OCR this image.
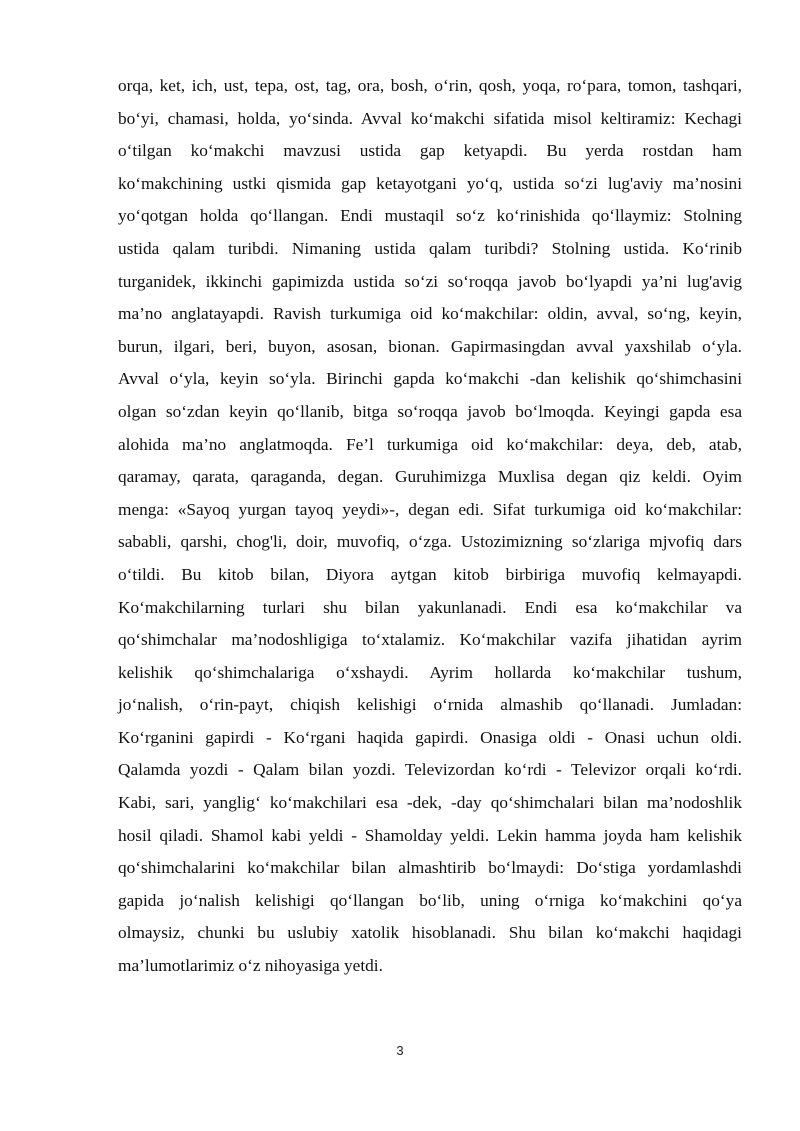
orqa, ket, ich, ust, tepa, ost, tag, ora, bosh, o‘rin, qosh, yoqa, ro‘para, tomon, tashqari,
bo‘yi, chamasi, holda, yo‘sinda. Avval ko‘makchi sifatida misol keltiramiz: Kechagi
o‘tilgan ko‘makchi mavzusi ustida gap ketyapdi. Bu yerda rostdan ham
ko‘makchining ustki qismida gap ketayotgani yo‘q, ustida so‘zi lug'aviy ma’nosini
yo‘qotgan holda qo‘llangan. Endi mustaqil so‘z ko‘rinishida qo‘llaymiz: Stolning
ustida qalam turibdi. Nimaning ustida qalam turibdi? Stolning ustida. Ko‘rinib
turganidek, ikkinchi gapimizda ustida so‘zi so‘roqqa javob bo‘lyapdi ya’ni lug'avig
ma’no anglatayapdi. Ravish turkumiga oid ko‘makchilar: oldin, avval, so‘ng, keyin,
burun, ilgari, beri, buyon, asosan, bionan. Gapirmasingdan avval yaxshilab o‘yla.
Avval o‘yla, keyin so‘yla. Birinchi gapda ko‘makchi -dan kelishik qo‘shimchasini
olgan so‘zdan keyin qo‘llanib, bitga so‘roqqa javob bo‘lmoqda. Keyingi gapda esa
alohida ma’no anglatmoqda. Fe’l turkumiga oid ko‘makchilar: deya, deb, atab,
qaramay, qarata, qaraganda, degan. Guruhimizga Muxlisa degan qiz keldi. Oyim
menga: «Sayoq yurgan tayoq yeydi»-, degan edi. Sifat turkumiga oid ko‘makchilar:
sababli, qarshi, chog'li, doir, muvofiq, o‘zga. Ustozimizning so‘zlariga mjvofiq dars
o‘tildi. Bu kitob bilan, Diyora aytgan kitob birbiriga muvofiq kelmayapdi.
Ko‘makchilarning turlari shu bilan yakunlanadi. Endi esa ko‘makchilar va
qo‘shimchalar ma’nodoshligiga to‘xtalamiz. Ko‘makchilar vazifa jihatidan ayrim
kelishik qo‘shimchalariga o‘xshaydi. Ayrim hollarda ko‘makchilar tushum,
jo‘nalish, o‘rin-payt, chiqish kelishigi o‘rnida almashib qo‘llanadi. Jumladan:
Ko‘rganini gapirdi - Ko‘rgani haqida gapirdi. Onasiga oldi - Onasi uchun oldi.
Qalamda yozdi - Qalam bilan yozdi. Televizordan ko‘rdi - Televizor orqali ko‘rdi.
Kabi, sari, yanglig‘ ko‘makchilari esa -dek, -day qo‘shimchalari bilan ma’nodoshlik
hosil qiladi. Shamol kabi yeldi - Shamolday yeldi. Lekin hamma joyda ham kelishik
qo‘shimchalarini ko‘makchilar bilan almashtirib bo‘lmaydi: Do‘stiga yordamlashdi
gapida jo‘nalish kelishigi qo‘llangan bo‘lib, uning o‘rniga ko‘makchini qo‘ya
olmaysiz, chunki bu uslubiy xatolik hisoblanadi. Shu bilan ko‘makchi haqidagi
ma’lumotlarimiz o‘z nihoyasiga yetdi.
3
